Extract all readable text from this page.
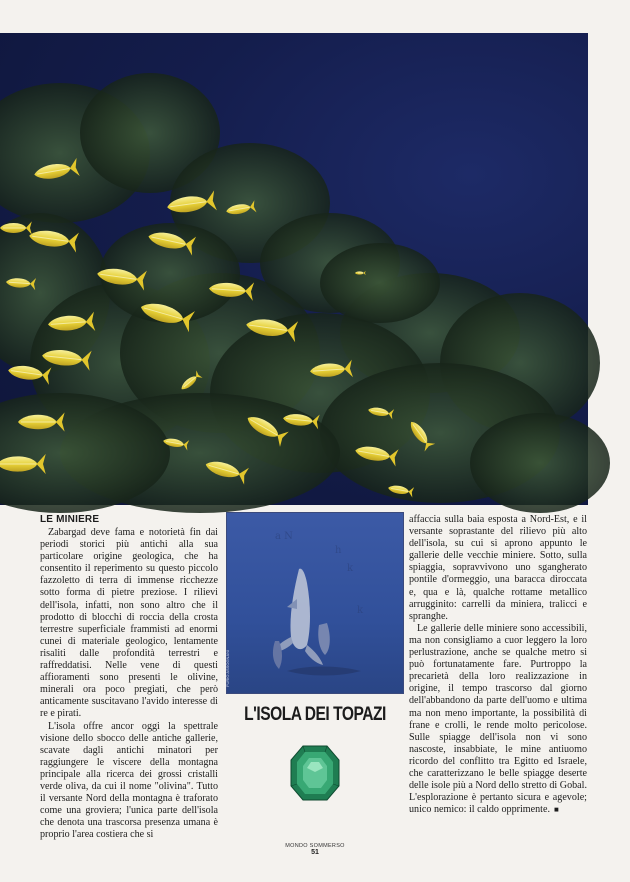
LE MINIERE

Zabargad deve fama e notorietà fin dai periodi storici più antichi alla sua particolare origine geologica, che ha consentito il reperimento su questo piccolo fazzoletto di terra di immense ricchezze sotto forma di pietre preziose. I rilievi dell'isola, infatti, non sono altro che il prodotto di blocchi di roccia della crosta terrestre superficiale frammisti ad enormi cunei di materiale geologico, lentamente risaliti dalle profondità terrestri e raffreddatisi. Nelle vene di questi affioramenti sono presenti le olivine, minerali ora poco pregiati, che però anticamente suscitavano l'avido interesse di re e pirati.

L'isola offre ancor oggi la spettrale visione dello sbocco delle antiche gallerie, scavate dagli antichi minatori per raggiungere le viscere della montagna principale alla ricerca dei grossi cristalli verde oliva, da cui il nome "olivina". Tutto il versante Nord della montagna è traforato come una groviera; l'unica parte dell'isola che denota una trascorsa presenza umana è proprio l'area costiera che si

a N
h
k
k
FURIO ASSOGNANI
L'ISOLA DEI TOPAZI

affaccia sulla baia esposta a Nord-Est, e il versante soprastante del rilievo più alto dell'isola, su cui si aprono appunto le gallerie delle vecchie miniere. Sotto, sulla spiaggia, sopravvivono uno sgangherato pontile d'ormeggio, una baracca diroccata e, qua e là, qualche rottame metallico arrugginito: carrelli da miniera, tralicci e spranghe.

Le gallerie delle miniere sono accessibili, ma non consigliamo a cuor leggero la loro perlustrazione, anche se qualche metro si può fortunatamente fare. Purtroppo la precarietà della loro realizzazione in origine, il tempo trascorso dal giorno dell'abbandono da parte dell'uomo e ultima ma non meno importante, la possibilità di frane e crolli, le rende molto pericolose. Sulle spiagge dell'isola non vi sono nascoste, insabbiate, le mine antiuomo ricordo del conflitto tra Egitto ed Israele, che caratterizzano le belle spiagge deserte delle isole più a Nord dello stretto di Gobal. L'esplorazione è pertanto sicura e agevole; unico nemico: il caldo opprimente. ■

MONDO SOMMERSO
51
